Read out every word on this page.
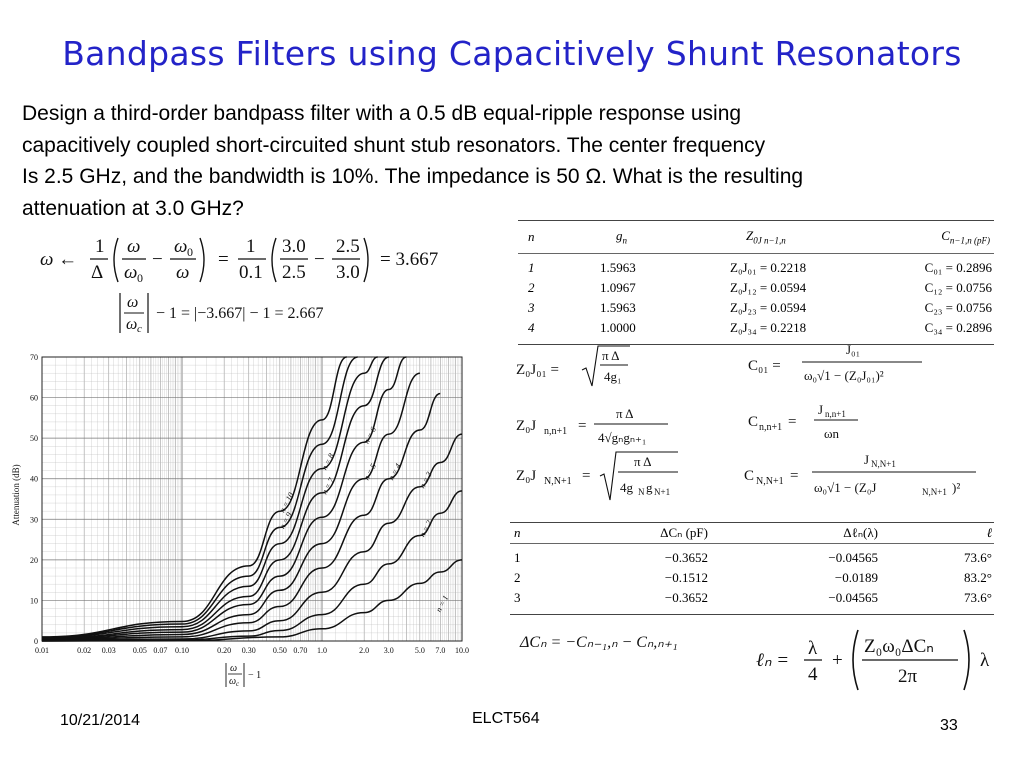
Bandpass Filters using Capacitively Shunt Resonators
Design a third-order bandpass filter with a 0.5 dB equal-ripple response using
capacitively coupled short-circuited shunt stub resonators. The center frequency
Is 2.5 GHz, and the bandwidth is 10%. The impedance is 50 Ω. What is the resulting
attenuation at 3.0 GHz?
ω ←
1
Δ
ω
ω 0
−
ω 0
ω
=
1
0.1
3.0
2.5
−
2.5
3.0
= 3.667
ω
ω c
− 1 = |−3.667| − 1 = 2.667
n	$g_n$	$Z_{0J n-1,n}$	$C_{n-1,n (pF)}$
1	1.5963	Z₀J₀₁ = 0.2218	C₀₁ = 0.2896
2	1.0967	Z₀J₁₂ = 0.0594	C₁₂ = 0.0756
3	1.5963	Z₀J₂₃ = 0.0594	C₂₃ = 0.0756
4	1.0000	Z₀J₃₄ = 0.2218	C₃₄ = 0.2896
Z₀J₀₁ =
π Δ
4g₁
Z₀J n,n+1 =
π Δ
4√gₙgₙ₊₁
Z₀J N,N+1 =
π Δ
4g N g N+1
C₀₁ =
J₀₁
ω₀√1 − (Z₀J₀₁)²
C n,n+1 =
J n,n+1
ωn
C N,N+1 =
J N,N+1
ω₀√1 − (Z₀J	N,N+1 )²
n	ΔCₙ (pF)	Δℓₙ(λ)	ℓ
1	−0.3652	−0.04565	73.6°
2	−0.1512	−0.0189	83.2°
3	−0.3652	−0.04565	73.6°
ΔCₙ = −Cₙ₋₁,ₙ − Cₙ,ₙ₊₁
ℓₙ =
λ
4
+
Z₀ω₀ΔCₙ
2π
λ
n = 1
n = 2
n = 3
n = 4
n = 5
n = 6
n = 7
n = 8
n = 9
n = 10
0.01	0.02 0.03 0.05 0.07 0.10	0.20 0.30 0.50 0.70 1.0	2.0 3.0	5.0 7.0 10.0
0
10
20
30
40
50
60
70
Attenuation (dB)
ω
ω c
− 1
10/21/2014	ELCT564	33
